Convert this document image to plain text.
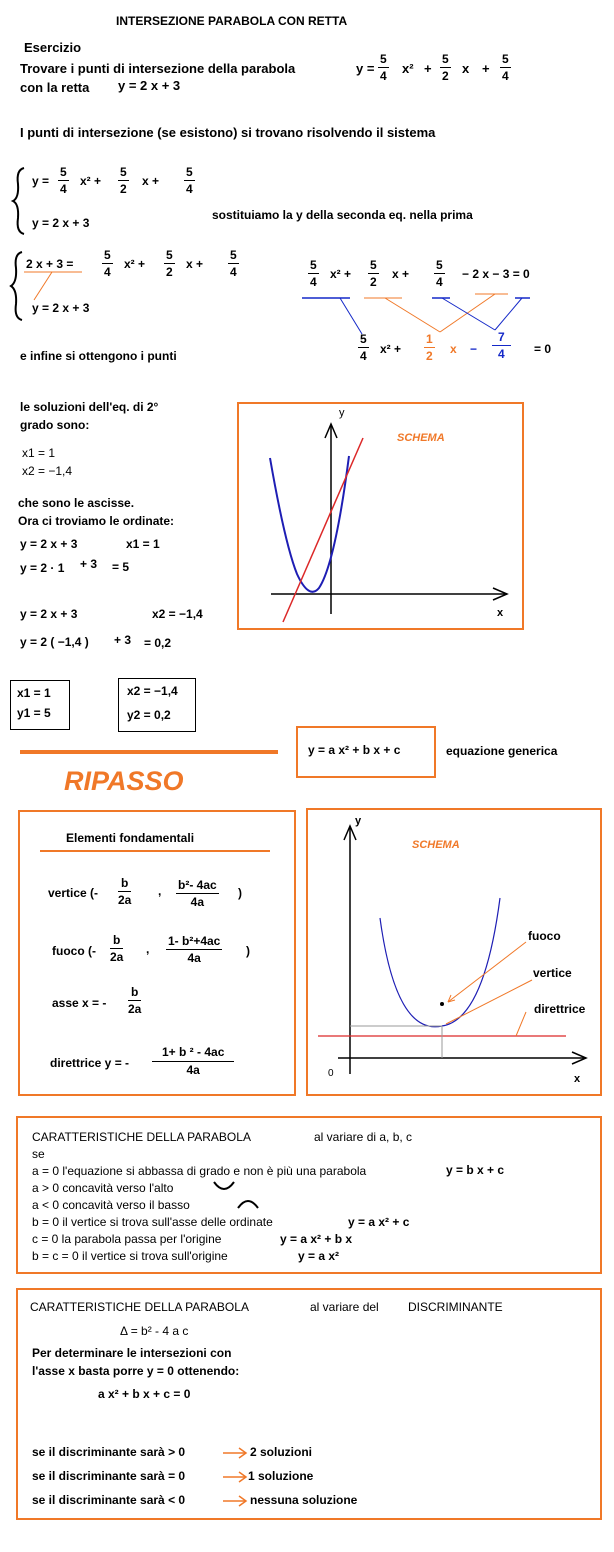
INTERSEZIONE PARABOLA CON RETTA
Esercizio
Trovare i punti di intersezione della parabola
con la retta y = 2 x + 3
$y = \frac{5}{4} x^2 + \frac{5}{2}$ $x + \frac{5}{4}$
I punti di intersezione (se esistono) si trovano risolvendo il sistema
$y = \frac{5}{4} x^2 + \frac{5}{2}$ $x + \frac{5}{4}$
y = 2 x + 3
sostituiamo la y della seconda eq. nella prima
2 $x + 3 = \frac{5}{4} x^2 + \frac{5}{2}$ $x + \frac{5}{4}$
y = 2 x + 3
$\frac{5}{4} x^2 + \frac{5}{2}$ $x + \frac{5}{4} - 2$ x − 3 = 0
$\frac{5}{4} x^2 + \frac{1}{2}$ $x - \frac{7}{4} = 0$
e infine si ottengono i punti
le soluzioni dell'eq. di 2°
grado sono:
x1 = 1
x2 = −1,4
che sono le ascisse.
Ora ci troviamo le ordinate:
y = 2 x + 3	x1 = 1
y = 2 · 1 + 3 = 5
y = 2 x + 3	x2 = −1,4
y = 2 ( −1,4 ) + 3 = 0,2
x1 = 1
y1 = 5
x2 = −1,4
y2 = 0,2
y
x
SCHEMA
y = a x² + b x + c	equazione generica
RIPASSO
Elementi fondamentali
vertice (- $\frac{b}{2a}$ , $\frac{\text{b²- 4ac}}{4a}$ )
fuoco (- $\frac{b}{2a}$ , $\frac{\text{1- b²+4ac}}{4a}$ )
asse x = - $\frac{b}{2a}$
direttrice y = - $\frac{\text{1+ b ² - 4ac}}{4a}$
y
x
0
SCHEMA
fuoco
vertice
direttrice
CARATTERISTICHE DELLA PARABOLA	al variare di a, b, c
se
a = 0 l'equazione si abbassa di grado e non è più una parabola	y = b x + c
a > 0 concavità verso l'alto
a < 0 concavità verso il basso
b = 0 il vertice si trova sull'asse delle ordinate	y = a x² + c
c = 0 la parabola passa per l'origine	y = a x² + b x
b = c = 0 il vertice si trova sull'origine	y = a x²
CARATTERISTICHE DELLA PARABOLA	al variare del DISCRIMINANTE
Δ = b² - 4 a c
Per determinare le intersezioni con
l'asse x basta porre y = 0 ottenendo:
a x² + b x + c = 0
se il discriminante sarà > 0	2 soluzioni
se il discriminante sarà = 0	1 soluzione
se il discriminante sarà < 0	nessuna soluzione
